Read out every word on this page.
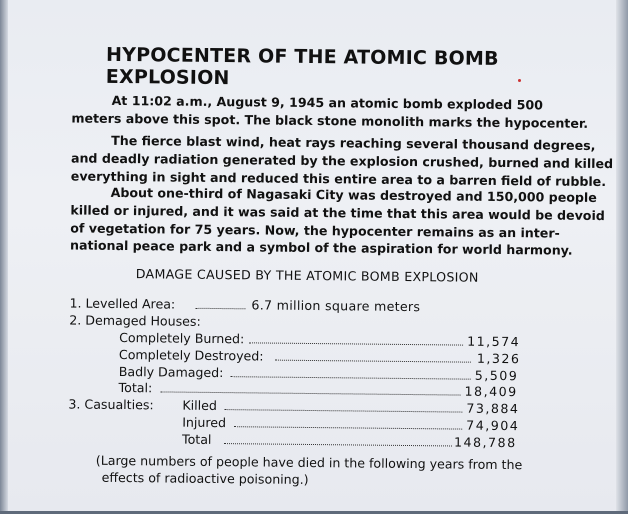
HYPOCENTER OF THE ATOMIC BOMB EXPLOSION

At 11:02 a.m., August 9, 1945 an atomic bomb exploded 500
meters above this spot. The black stone monolith marks the hypocenter.

The fierce blast wind, heat rays reaching several thousand degrees,
and deadly radiation generated by the explosion crushed, burned and killed
everything in sight and reduced this entire area to a barren field of rubble.

About one-third of Nagasaki City was destroyed and 150,000 people
killed or injured, and it was said at the time that this area would be devoid
of vegetation for 75 years. Now, the hypocenter remains as an inter-
national peace park and a symbol of the aspiration for world harmony.

DAMAGE CAUSED BY THE ATOMIC BOMB EXPLOSION
1. Levelled Area:	6.7 million square meters
2. Demaged Houses:
Completely Burned:	11,574
Completely Destroyed:	1,326
Badly Damaged:	5,509
Total:	18,409
3. Casualties: Killed	73,884
Injured	74,904
Total	148,788
(Large numbers of people have died in the following years from the
effects of radioactive poisoning.)
